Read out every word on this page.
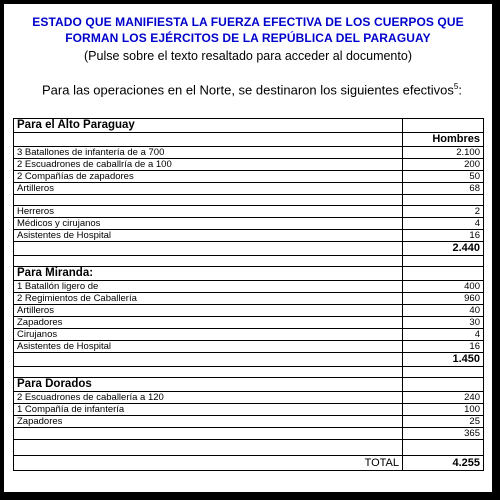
ESTADO QUE MANIFIESTA LA FUERZA EFECTIVA DE LOS CUERPOS QUE
FORMAN LOS EJÉRCITOS DE LA REPÚBLICA DEL PARAGUAY
(Pulse sobre el texto resaltado para acceder al documento)
Para las operaciones en el Norte, se destinaron los siguientes efectivos$^5$:
Para el Alto Paraguay	
	Hombres
3 Batallones de infantería de a 700	2.100
2 Escuadrones de caballría de a 100	200
2 Compañías de zapadores	50
Artilleros	68

Herreros	2
Médicos y cirujanos	4
Asistentes de Hospital	16
	2.440

Para Miranda:	
1 Batallón ligero de	400
2 Regimientos de Caballería	960
Artilleros	40
Zapadores	30
Cirujanos	4
Asistentes de Hospital	16
	1.450

Para Dorados	
2 Escuadrones de caballería a 120	240
1 Compañía de infantería	100
Zapadores	25
	365

TOTAL	4.255
